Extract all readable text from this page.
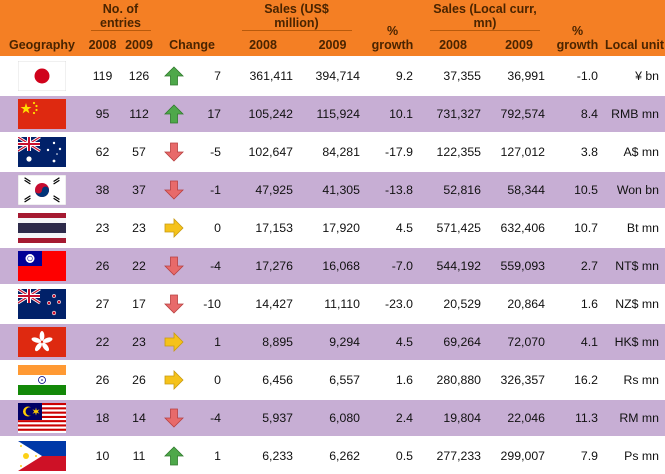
Geography	No. of entries		Change		Sales (US$ million)		% growth	Sales (Local curr, mn)		% growth	Local unit
	2008	2009			2008	2009		2008	2009		

	119	126		7	361,411	394,714	9.2	37,355	36,991	-1.0	¥ bn

	95	112		17	105,242	115,924	10.1	731,327	792,574	8.4	RMB mn

	62	57		-5	102,647	84,281	-17.9	122,355	127,012	3.8	A$ mn

	38	37		-1	47,925	41,305	-13.8	52,816	58,344	10.5	Won bn

	23	23		0	17,153	17,920	4.5	571,425	632,406	10.7	Bt mn

	26	22		-4	17,276	16,068	-7.0	544,192	559,093	2.7	NT$ mn

	27	17		-10	14,427	11,110	-23.0	20,529	20,864	1.6	NZ$ mn

	22	23		1	8,895	9,294	4.5	69,264	72,070	4.1	HK$ mn

	26	26		0	6,456	6,557	1.6	280,880	326,357	16.2	Rs mn

	18	14		-4	5,937	6,080	2.4	19,804	22,046	11.3	RM mn

	10	11		1	6,233	6,262	0.5	277,233	299,007	7.9	Ps mn
